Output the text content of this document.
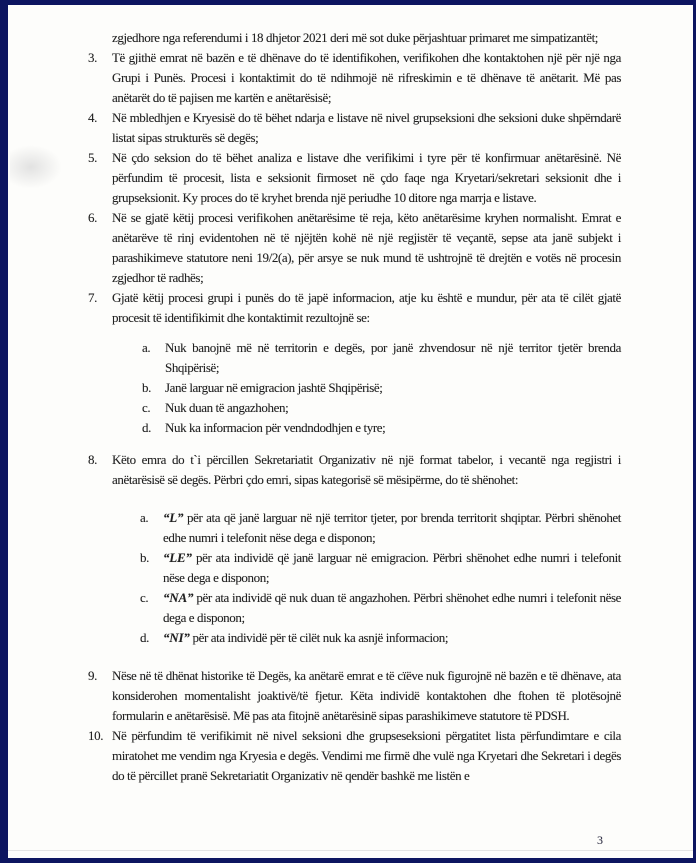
zgjedhore nga referendumi i 18 dhjetor 2021 deri më sot duke përjashtuar primaret me simpatizantët;

3.	Të gjithë emrat në bazën e të dhënave do të identifikohen, verifikohen dhe kontaktohen një për një nga Grupi i Punës. Procesi i kontaktimit do të ndihmojë në rifreskimin e të dhënave të anëtarit. Më pas anëtarët do të pajisen me kartën e anëtarësisë;
4.	Në mbledhjen e Kryesisë do të bëhet ndarja e listave në nivel grupseksioni dhe seksioni duke shpërndarë listat sipas strukturës së degës;
5.	Në çdo seksion do të bëhet analiza e listave dhe verifikimi i tyre për të konfirmuar anëtarësinë. Në përfundim të procesit, lista e seksionit firmoset në çdo faqe nga Kryetari/sekretari seksionit dhe i grupseksionit. Ky proces do të kryhet brenda një periudhe 10 ditore nga marrja e listave.
6.	Në se gjatë këtij procesi verifikohen anëtarësime të reja, këto anëtarësime kryhen normalisht. Emrat e anëtarëve të rinj evidentohen në të njëjtën kohë në një regjistër të veçantë, sepse ata janë subjekt i parashikimeve statutore neni 19/2(a), për arsye se nuk mund të ushtrojnë të drejtën e votës në procesin zgjedhor të radhës;
7.	Gjatë këtij procesi grupi i punës do të japë informacion, atje ku është e mundur, për ata të cilët gjatë procesit të identifikimit dhe kontaktimit rezultojnë se:
a.	Nuk banojnë më në territorin e degës, por janë zhvendosur në një territor tjetër brenda Shqipërisë;
b.	Janë larguar në emigracion jashtë Shqipërisë;
c.	Nuk duan të angazhohen;
d.	Nuk ka informacion për vendndodhjen e tyre;
8.	Këto emra do t`i përcillen Sekretariatit Organizativ në një format tabelor, i vecantë nga regjistri i anëtarësisë së degës. Përbri çdo emri, sipas kategorisë së mësipërme, do të shënohet:
a.	“L” për ata që janë larguar në një territor tjeter, por brenda territorit shqiptar. Përbri shënohet edhe numri i telefonit nëse dega e disponon;
b.	“LE” për ata individë që janë larguar në emigracion. Përbri shënohet edhe numri i telefonit nëse dega e disponon;
c.	“NA” për ata individë që nuk duan të angazhohen. Përbri shënohet edhe numri i telefonit nëse dega e disponon;
d.	“NI” për ata individë për të cilët nuk ka asnjë informacion;
9.	Nëse në të dhënat historike të Degës, ka anëtarë emrat e të cïëve nuk figurojnë në bazën e të dhënave, ata konsiderohen momentalisht joaktivë/të fjetur. Këta individë kontaktohen dhe ftohen të plotësojnë formularin e anëtarësisë. Më pas ata fitojnë anëtarësinë sipas parashikimeve statutore të PDSH.
10. Në përfundim të verifikimit në nivel seksioni dhe grupseseksioni përgatitet lista përfundimtare e cila miratohet me vendim nga Kryesia e degës. Vendimi me firmë dhe vulë nga Kryetari dhe Sekretari i degës do të përcillet pranë Sekretariatit Organizativ në qendër bashkë me listën e
3
